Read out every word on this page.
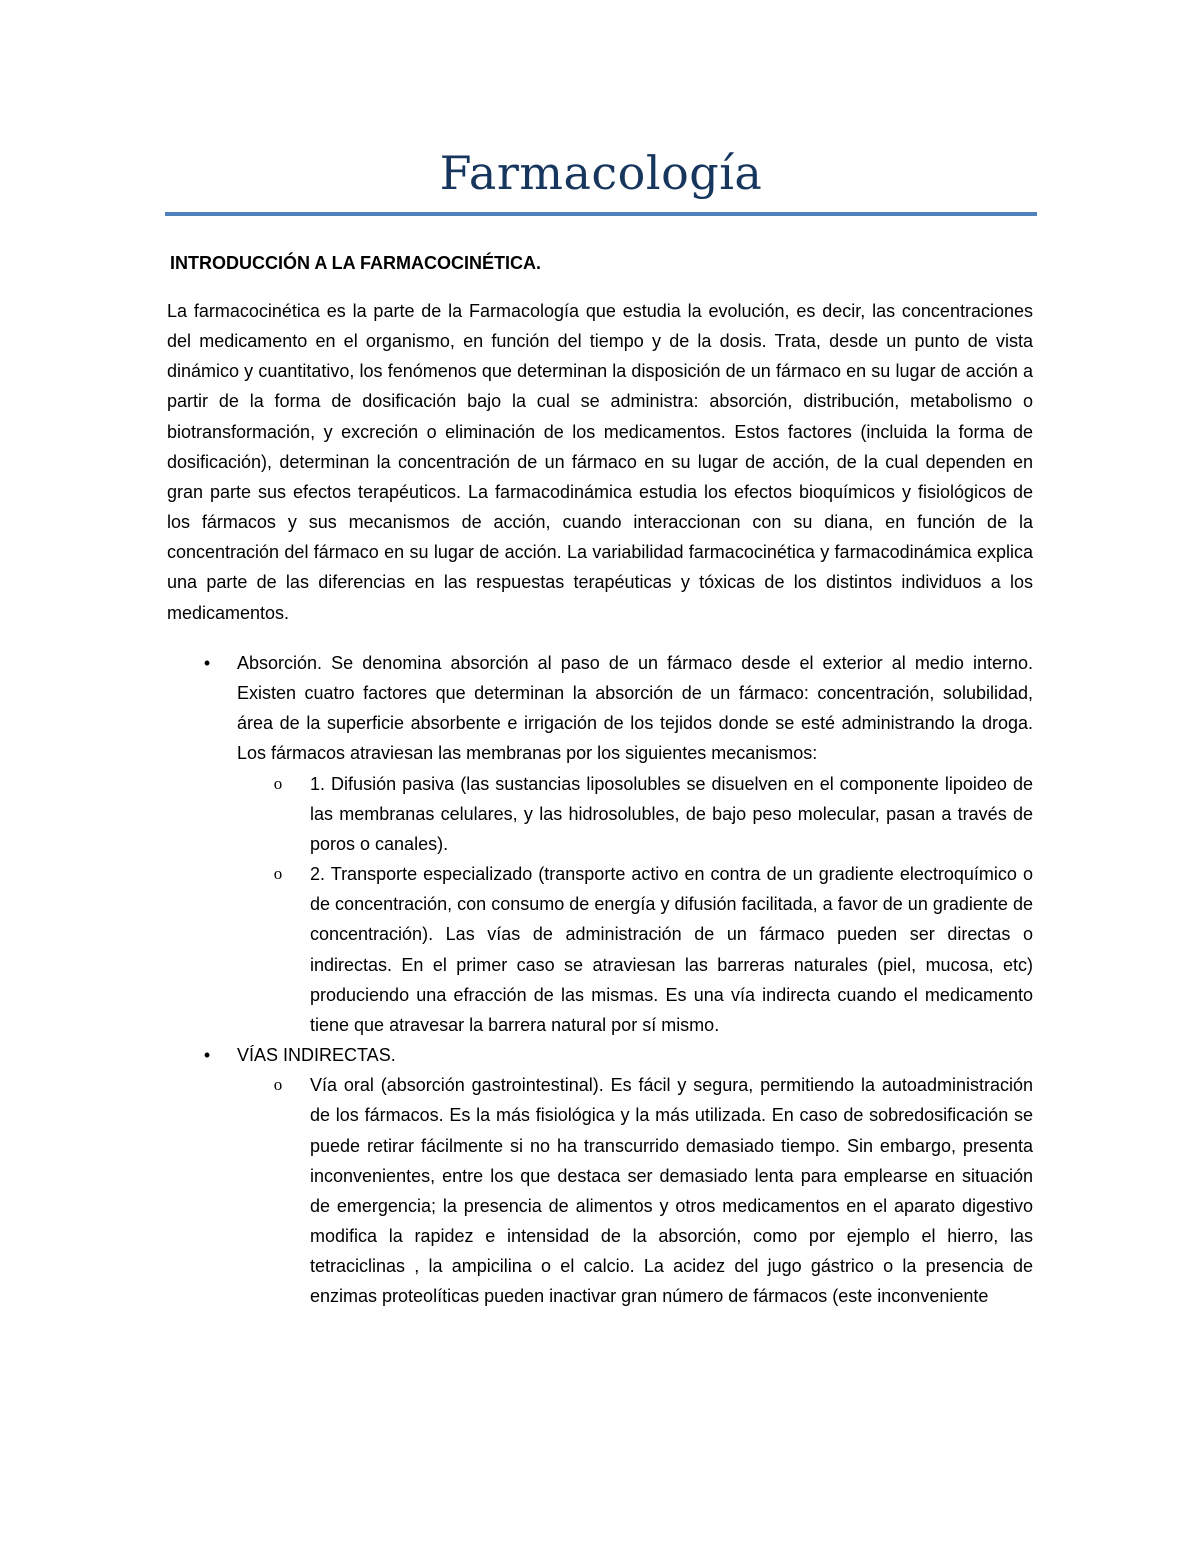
Farmacología
INTRODUCCIÓN A LA FARMACOCINÉTICA.

La farmacocinética es la parte de la Farmacología que estudia la evolución, es decir, las concentraciones del medicamento en el organismo, en función del tiempo y de la dosis. Trata, desde un punto de vista dinámico y cuantitativo, los fenómenos que determinan la disposición de un fármaco en su lugar de acción a partir de la forma de dosificación bajo la cual se administra: absorción, distribución, metabolismo o biotransformación, y excreción o eliminación de los medicamentos. Estos factores (incluida la forma de dosificación), determinan la concentración de un fármaco en su lugar de acción, de la cual dependen en gran parte sus efectos terapéuticos. La farmacodinámica estudia los efectos bioquímicos y fisiológicos de los fármacos y sus mecanismos de acción, cuando interaccionan con su diana, en función de la concentración del fármaco en su lugar de acción. La variabilidad farmacocinética y farmacodinámica explica una parte de las diferencias en las respuestas terapéuticas y tóxicas de los distintos individuos a los medicamentos.

•	Absorción. Se denomina absorción al paso de un fármaco desde el exterior al medio interno. Existen cuatro factores que determinan la absorción de un fármaco: concentración, solubilidad, área de la superficie absorbente e irrigación de los tejidos donde se esté administrando la droga. Los fármacos atraviesan las membranas por los siguientes mecanismos:
o 1. Difusión pasiva (las sustancias liposolubles se disuelven en el componente lipoideo de las membranas celulares, y las hidrosolubles, de bajo peso molecular, pasan a través de poros o canales).
o 2. Transporte especializado (transporte activo en contra de un gradiente electroquímico o de concentración, con consumo de energía y difusión facilitada, a favor de un gradiente de concentración). Las vías de administración de un fármaco pueden ser directas o indirectas. En el primer caso se atraviesan las barreras naturales (piel, mucosa, etc) produciendo una efracción de las mismas. Es una vía indirecta cuando el medicamento tiene que atravesar la barrera natural por sí mismo.
•	VÍAS INDIRECTAS.
o Vía oral (absorción gastrointestinal). Es fácil y segura, permitiendo la autoadministración de los fármacos. Es la más fisiológica y la más utilizada. En caso de sobredosificación se puede retirar fácilmente si no ha transcurrido demasiado tiempo. Sin embargo, presenta inconvenientes, entre los que destaca ser demasiado lenta para emplearse en situación de emergencia; la presencia de alimentos y otros medicamentos en el aparato digestivo modifica la rapidez e intensidad de la absorción, como por ejemplo el hierro, las tetraciclinas , la ampicilina o el calcio. La acidez del jugo gástrico o la presencia de enzimas proteolíticas pueden inactivar gran número de fármacos (este inconveniente
